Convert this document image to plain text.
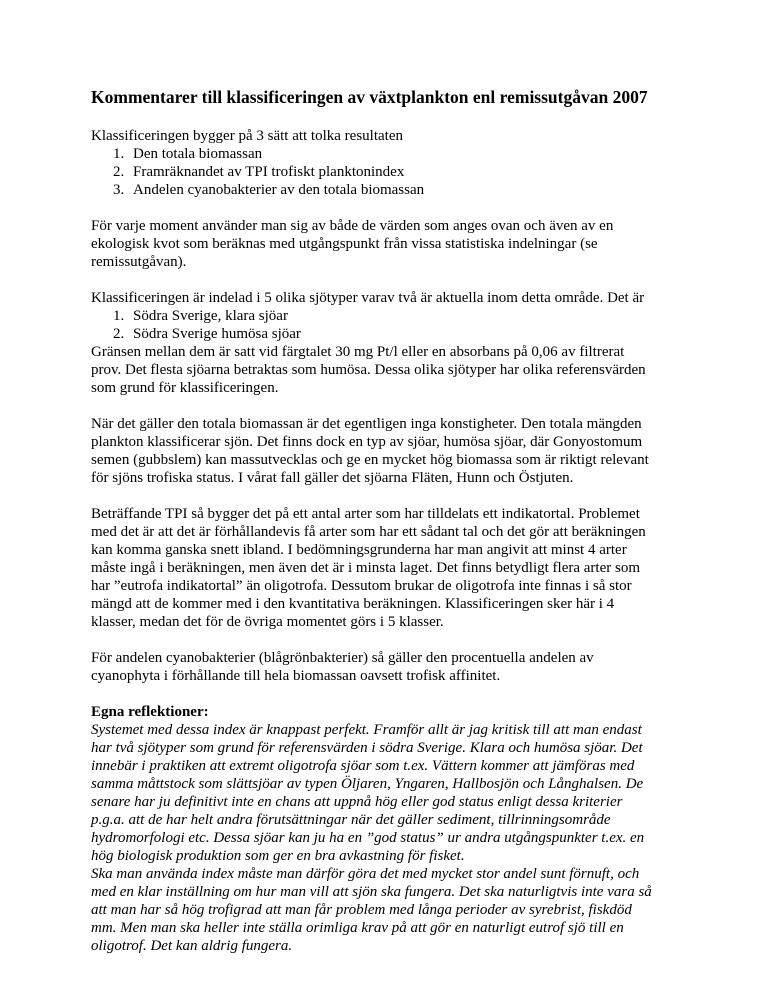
Kommentarer till klassificeringen av växtplankton enl remissutgåvan 2007
Klassificeringen bygger på 3 sätt att tolka resultaten
1. Den totala biomassan
2. Framräknandet av TPI trofiskt planktonindex
3. Andelen cyanobakterier av den totala biomassan
För varje moment använder man sig av både de värden som anges ovan och även av en
ekologisk kvot som beräknas med utgångspunkt från vissa statistiska indelningar (se
remissutgåvan).
Klassificeringen är indelad i 5 olika sjötyper varav två är aktuella inom detta område. Det är
1. Södra Sverige, klara sjöar
2. Södra Sverige humösa sjöar
Gränsen mellan dem är satt vid färgtalet 30 mg Pt/l eller en absorbans på 0,06 av filtrerat
prov. Det flesta sjöarna betraktas som humösa. Dessa olika sjötyper har olika referensvärden
som grund för klassificeringen.
När det gäller den totala biomassan är det egentligen inga konstigheter. Den totala mängden
plankton klassificerar sjön. Det finns dock en typ av sjöar, humösa sjöar, där Gonyostomum
semen (gubbslem) kan massutvecklas och ge en mycket hög biomassa som är riktigt relevant
för sjöns trofiska status. I vårat fall gäller det sjöarna Fläten, Hunn och Östjuten.
Beträffande TPI så bygger det på ett antal arter som har tilldelats ett indikatortal. Problemet
med det är att det är förhållandevis få arter som har ett sådant tal och det gör att beräkningen
kan komma ganska snett ibland. I bedömningsgrunderna har man angivit att minst 4 arter
måste ingå i beräkningen, men även det är i minsta laget. Det finns betydligt flera arter som
har ”eutrofa indikatortal” än oligotrofa. Dessutom brukar de oligotrofa inte finnas i så stor
mängd att de kommer med i den kvantitativa beräkningen. Klassificeringen sker här i 4
klasser, medan det för de övriga momentet görs i 5 klasser.
För andelen cyanobakterier (blågrönbakterier) så gäller den procentuella andelen av
cyanophyta i förhållande till hela biomassan oavsett trofisk affinitet.
Egna reflektioner:
Systemet med dessa index är knappast perfekt. Framför allt är jag kritisk till att man endast
har två sjötyper som grund för referensvärden i södra Sverige. Klara och humösa sjöar. Det
innebär i praktiken att extremt oligotrofa sjöar som t.ex. Vättern kommer att jämföras med
samma måttstock som slättsjöar av typen Öljaren, Yngaren, Hallbosjön och Långhalsen. De
senare har ju definitivt inte en chans att uppnå hög eller god status enligt dessa kriterier
p.g.a. att de har helt andra förutsättningar när det gäller sediment, tillrinningsområde
hydromorfologi etc. Dessa sjöar kan ju ha en ”god status” ur andra utgångspunkter t.ex. en
hög biologisk produktion som ger en bra avkastning för fisket.
Ska man använda index måste man därför göra det med mycket stor andel sunt förnuft, och
med en klar inställning om hur man vill att sjön ska fungera. Det ska naturligtvis inte vara så
att man har så hög trofigrad att man får problem med långa perioder av syrebrist, fiskdöd
mm. Men man ska heller inte ställa orimliga krav på att gör en naturligt eutrof sjö till en
oligotrof. Det kan aldrig fungera.
